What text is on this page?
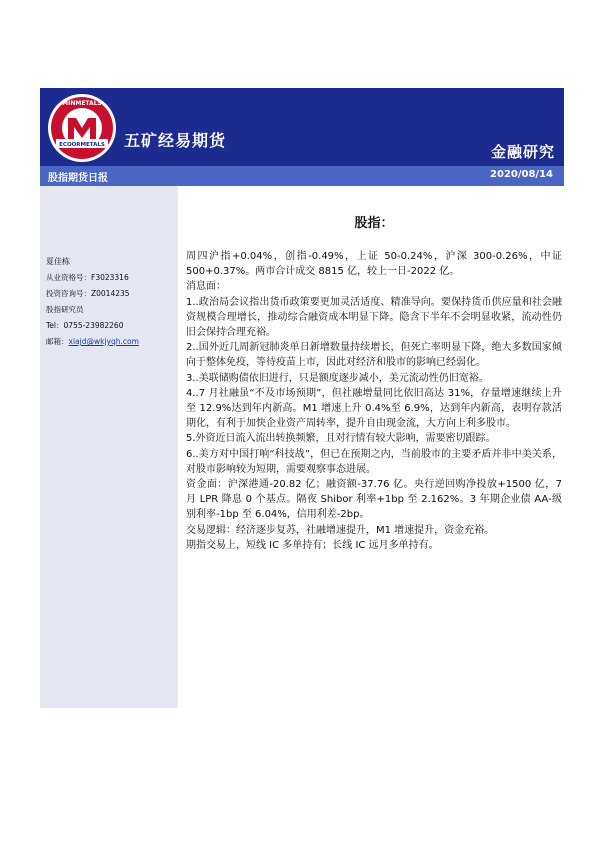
ECOORMETALS
MINMETALS
五矿经易期货
金融研究
股指期货日报	2020/08/14
夏佳栋
从业资格号：F3023316
投资咨询号：Z0014235
股指研究员
Tel：0755-23982260
邮箱：xiajd@wkjyqh.com
股指：

周四沪指+0.04%，创指-0.49%，上证 50-0.24%，沪深 300-0.26%，中证 500+0.37%。两市合计成交 8815 亿，较上一日-2022 亿。

消息面：

1..政治局会议指出货币政策要更加灵活适度、精准导向。要保持货币供应量和社会融资规模合理增长，推动综合融资成本明显下降。隐含下半年不会明显收紧，流动性仍旧会保持合理充裕。

2..国外近几周新冠肺炎单日新增数量持续增长，但死亡率明显下降，绝大多数国家倾向于整体免疫，等待疫苗上市，因此对经济和股市的影响已经弱化。

3..美联储购债依旧进行，只是额度逐步减小，美元流动性仍旧宽裕。

4..7 月社融虽“不及市场预期”，但社融增量同比依旧高达 31%，存量增速继续上升至 12.9%达到年内新高。M1 增速上升 0.4%至 6.9%，达到年内新高，表明存款活期化，有利于加快企业资产周转率，提升自由现金流，大方向上利多股市。

5.外资近日流入流出转换频繁，且对行情有较大影响，需要密切跟踪。

6..美方对中国打响“科技战”，但已在预期之内，当前股市的主要矛盾并非中美关系，对股市影响较为短期，需要观察事态进展。

资金面：沪深港通-20.82 亿；融资额-37.76 亿。央行逆回购净投放+1500 亿，7 月 LPR 降息 0 个基点。隔夜 Shibor 利率+1bp 至 2.162%。3 年期企业债 AA-级别利率-1bp 至 6.04%，信用利差-2bp。

交易逻辑：经济逐步复苏，社融增速提升，M1 增速提升，资金充裕。

期指交易上，短线 IC 多单持有；长线 IC 远月多单持有。
